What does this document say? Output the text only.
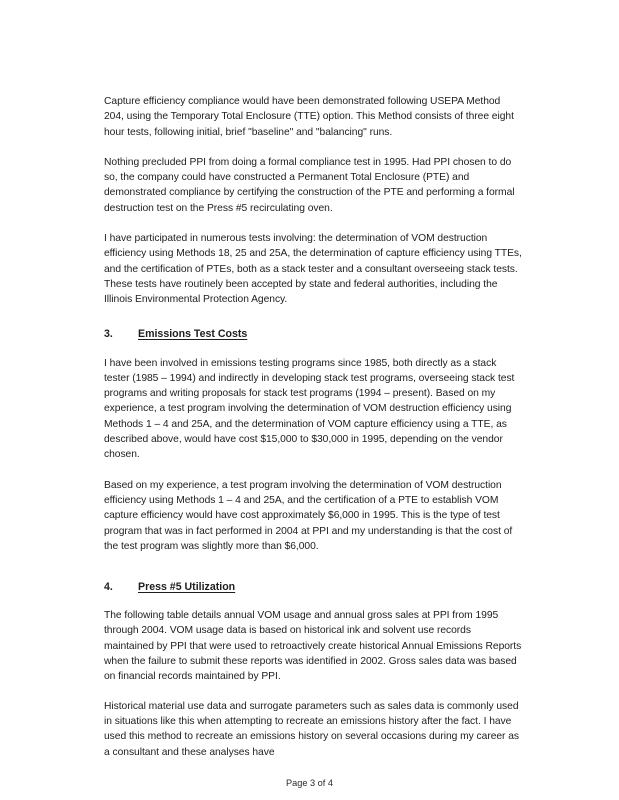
Capture efficiency compliance would have been demonstrated following USEPA Method 204, using the Temporary Total Enclosure (TTE) option. This Method consists of three eight hour tests, following initial, brief "baseline" and "balancing" runs.

Nothing precluded PPI from doing a formal compliance test in 1995. Had PPI chosen to do so, the company could have constructed a Permanent Total Enclosure (PTE) and demonstrated compliance by certifying the construction of the PTE and performing a formal destruction test on the Press #5 recirculating oven.

I have participated in numerous tests involving: the determination of VOM destruction efficiency using Methods 18, 25 and 25A, the determination of capture efficiency using TTEs, and the certification of PTEs, both as a stack tester and a consultant overseeing stack tests. These tests have routinely been accepted by state and federal authorities, including the Illinois Environmental Protection Agency.

3.	Emissions Test Costs

I have been involved in emissions testing programs since 1985, both directly as a stack tester (1985 – 1994) and indirectly in developing stack test programs, overseeing stack test programs and writing proposals for stack test programs (1994 – present). Based on my experience, a test program involving the determination of VOM destruction efficiency using Methods 1 – 4 and 25A, and the determination of VOM capture efficiency using a TTE, as described above, would have cost $15,000 to $30,000 in 1995, depending on the vendor chosen.

Based on my experience, a test program involving the determination of VOM destruction efficiency using Methods 1 – 4 and 25A, and the certification of a PTE to establish VOM capture efficiency would have cost approximately $6,000 in 1995. This is the type of test program that was in fact performed in 2004 at PPI and my understanding is that the cost of the test program was slightly more than $6,000.

4.	Press #5 Utilization

The following table details annual VOM usage and annual gross sales at PPI from 1995 through 2004. VOM usage data is based on historical ink and solvent use records maintained by PPI that were used to retroactively create historical Annual Emissions Reports when the failure to submit these reports was identified in 2002. Gross sales data was based on financial records maintained by PPI.

Historical material use data and surrogate parameters such as sales data is commonly used in situations like this when attempting to recreate an emissions history after the fact. I have used this method to recreate an emissions history on several occasions during my career as a consultant and these analyses have

Page 3 of 4
